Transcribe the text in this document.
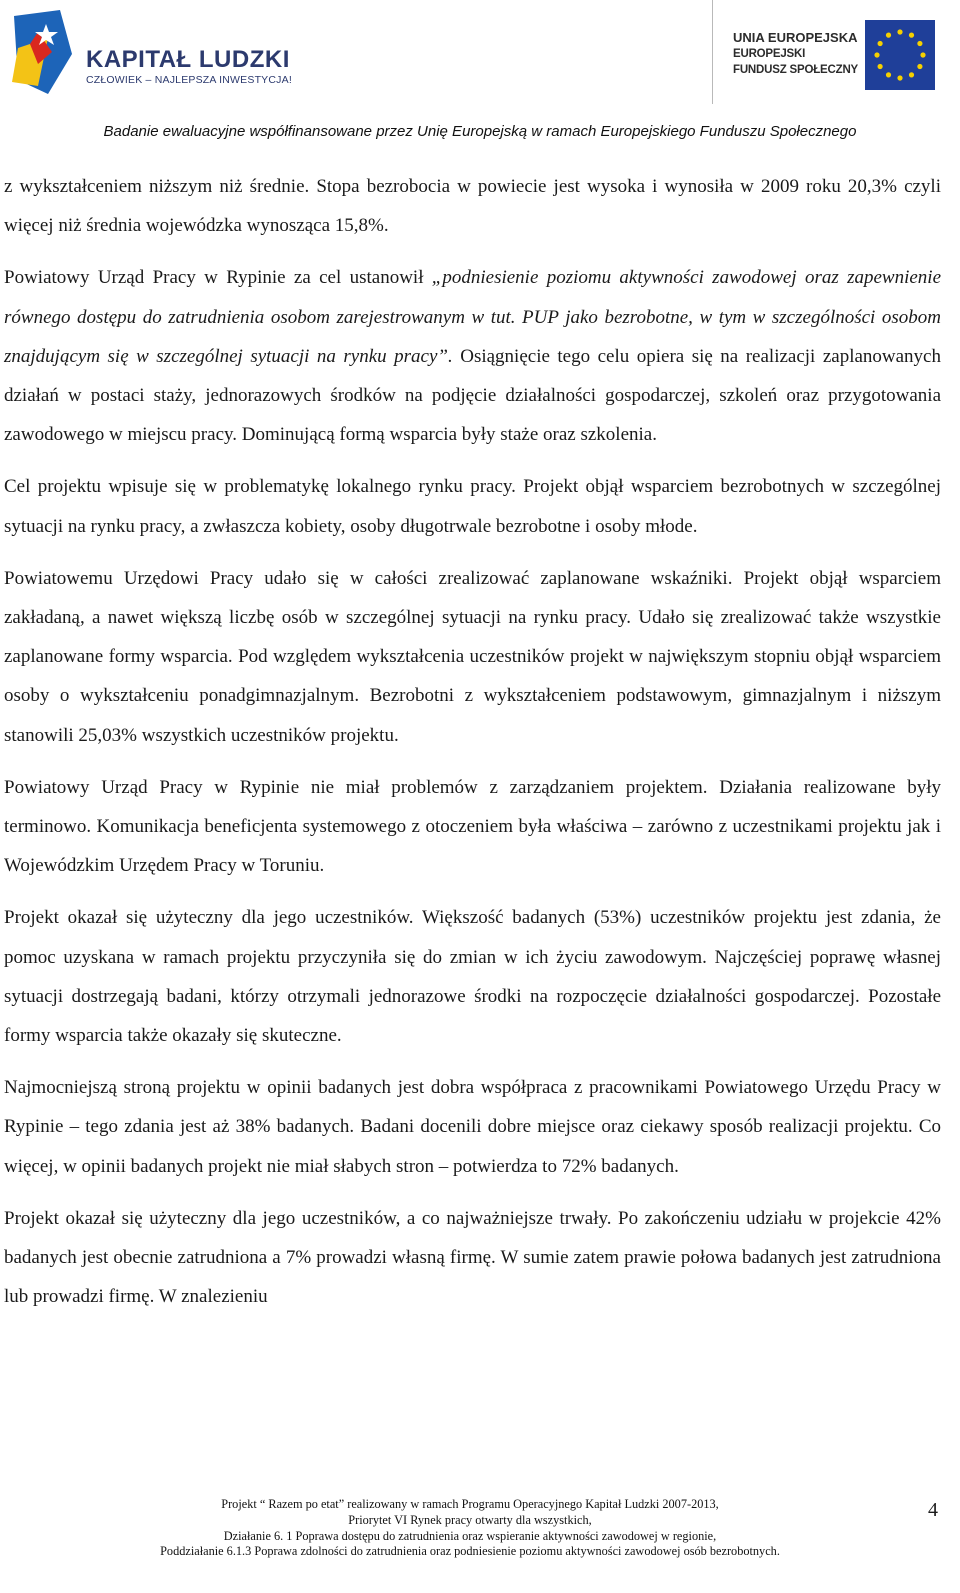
KAPITAŁ LUDZKI
CZŁOWIEK – NAJLEPSZA INWESTYCJA!
UNIA EUROPEJSKA
EUROPEJSKI
FUNDUSZ SPOŁECZNY
Badanie ewaluacyjne współfinansowane przez Unię Europejską w ramach Europejskiego Funduszu Społecznego

z wykształceniem niższym niż średnie. Stopa bezrobocia w powiecie jest wysoka i wynosiła w 2009 roku 20,3% czyli więcej niż średnia wojewódzka wynosząca 15,8%.

Powiatowy Urząd Pracy w Rypinie za cel ustanowił „podniesienie poziomu aktywności zawodowej oraz zapewnienie równego dostępu do zatrudnienia osobom zarejestrowanym w tut. PUP jako bezrobotne, w tym w szczególności osobom znajdującym się w szczególnej sytuacji na rynku pracy”. Osiągnięcie tego celu opiera się na realizacji zaplanowanych działań w postaci staży, jednorazowych środków na podjęcie działalności gospodarczej, szkoleń oraz przygotowania zawodowego w miejscu pracy. Dominującą formą wsparcia były staże oraz szkolenia.

Cel projektu wpisuje się w problematykę lokalnego rynku pracy. Projekt objął wsparciem bezrobotnych w szczególnej sytuacji na rynku pracy, a zwłaszcza kobiety, osoby długotrwale bezrobotne i osoby młode.

Powiatowemu Urzędowi Pracy udało się w całości zrealizować zaplanowane wskaźniki. Projekt objął wsparciem zakładaną, a nawet większą liczbę osób w szczególnej sytuacji na rynku pracy. Udało się zrealizować także wszystkie zaplanowane formy wsparcia. Pod względem wykształcenia uczestników projekt w największym stopniu objął wsparciem osoby o wykształceniu ponadgimnazjalnym. Bezrobotni z wykształceniem podstawowym, gimnazjalnym i niższym stanowili 25,03% wszystkich uczestników projektu.

Powiatowy Urząd Pracy w Rypinie nie miał problemów z zarządzaniem projektem. Działania realizowane były terminowo. Komunikacja beneficjenta systemowego z otoczeniem była właściwa – zarówno z uczestnikami projektu jak i Wojewódzkim Urzędem Pracy w Toruniu.

Projekt okazał się użyteczny dla jego uczestników. Większość badanych (53%) uczestników projektu jest zdania, że pomoc uzyskana w ramach projektu przyczyniła się do zmian w ich życiu zawodowym. Najczęściej poprawę własnej sytuacji dostrzegają badani, którzy otrzymali jednorazowe środki na rozpoczęcie działalności gospodarczej. Pozostałe formy wsparcia także okazały się skuteczne.

Najmocniejszą stroną projektu w opinii badanych jest dobra współpraca z pracownikami Powiatowego Urzędu Pracy w Rypinie – tego zdania jest aż 38% badanych. Badani docenili dobre miejsce oraz ciekawy sposób realizacji projektu. Co więcej, w opinii badanych projekt nie miał słabych stron – potwierdza to 72% badanych.

Projekt okazał się użyteczny dla jego uczestników, a co najważniejsze trwały. Po zakończeniu udziału w projekcie 42% badanych jest obecnie zatrudniona a 7% prowadzi własną firmę. W sumie zatem prawie połowa badanych jest zatrudniona lub prowadzi firmę. W znalezieniu

Projekt “ Razem po etat” realizowany w ramach Programu Operacyjnego Kapitał Ludzki 2007-2013,
Priorytet VI Rynek pracy otwarty dla wszystkich,
Działanie 6. 1 Poprawa dostępu do zatrudnienia oraz wspieranie aktywności zawodowej w regionie,
Poddziałanie 6.1.3 Poprawa zdolności do zatrudnienia oraz podniesienie poziomu aktywności zawodowej osób bezrobotnych.
4
